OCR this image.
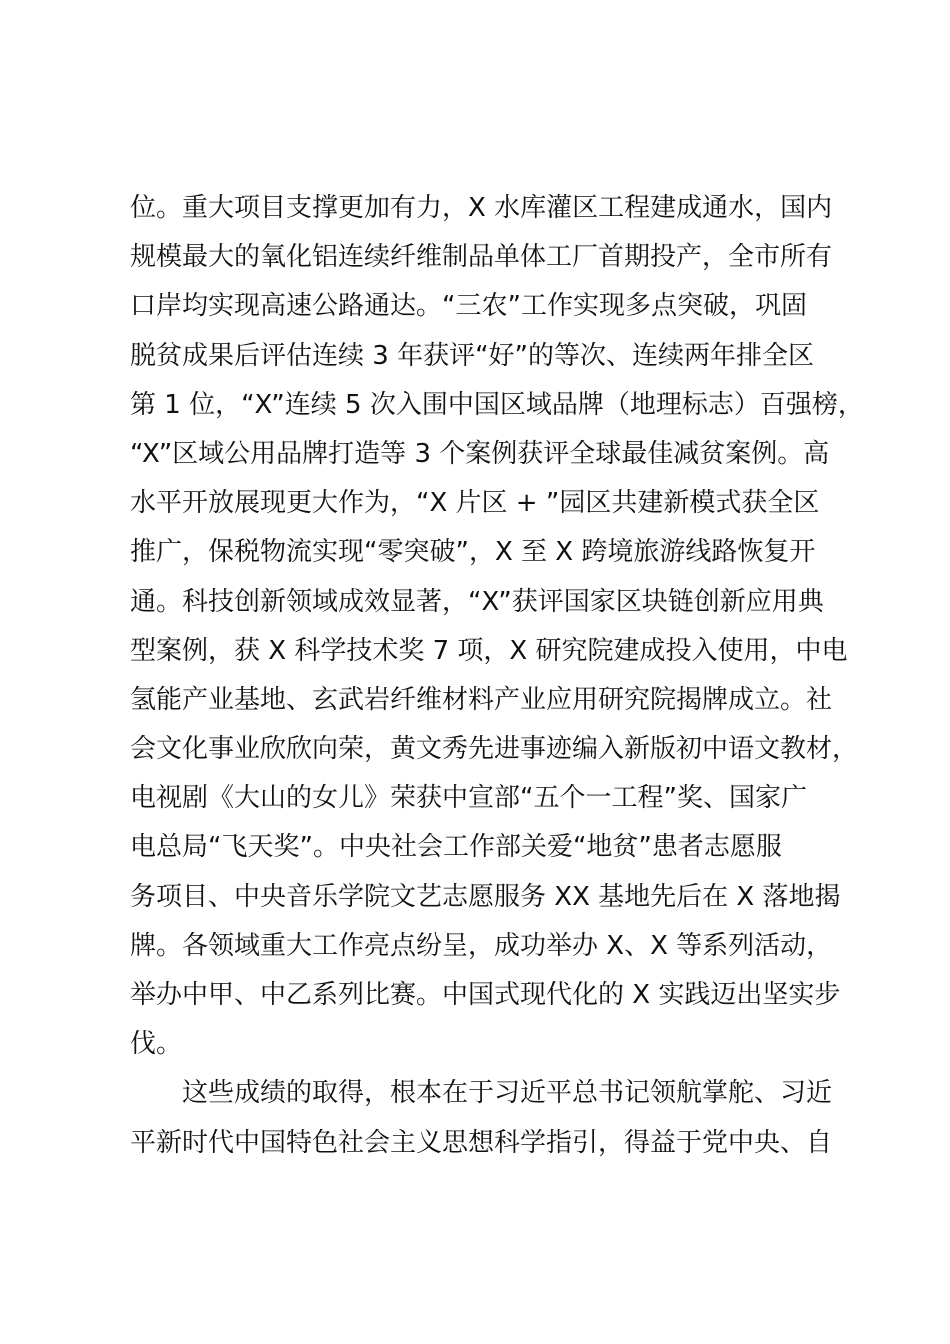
位。重大项目支撑更加有力，X 水库灌区工程建成通水，国内
规模最大的氧化铝连续纤维制品单体工厂首期投产，全市所有
口岸均实现高速公路通达。“三农”工作实现多点突破，巩固
脱贫成果后评估连续 3 年获评“好”的等次、连续两年排全区
第 1 位，“X”连续 5 次入围中国区域品牌（地理标志）百强榜，
“X”区域公用品牌打造等 3 个案例获评全球最佳减贫案例。高
水平开放展现更大作为，“X 片区 + ”园区共建新模式获全区
推广，保税物流实现“零突破”，X 至 X 跨境旅游线路恢复开
通。科技创新领域成效显著，“X”获评国家区块链创新应用典
型案例，获 X 科学技术奖 7 项，X 研究院建成投入使用，中电
氢能产业基地、玄武岩纤维材料产业应用研究院揭牌成立。社
会文化事业欣欣向荣，黄文秀先进事迹编入新版初中语文教材，
电视剧《大山的女儿》荣获中宣部“五个一工程”奖、国家广
电总局“飞天奖”。中央社会工作部关爱“地贫”患者志愿服
务项目、中央音乐学院文艺志愿服务 XX 基地先后在 X 落地揭
牌。各领域重大工作亮点纷呈，成功举办 X、X 等系列活动，
举办中甲、中乙系列比赛。中国式现代化的 X 实践迈出坚实步
伐。
这些成绩的取得，根本在于习近平总书记领航掌舵、习近
平新时代中国特色社会主义思想科学指引，得益于党中央、自
